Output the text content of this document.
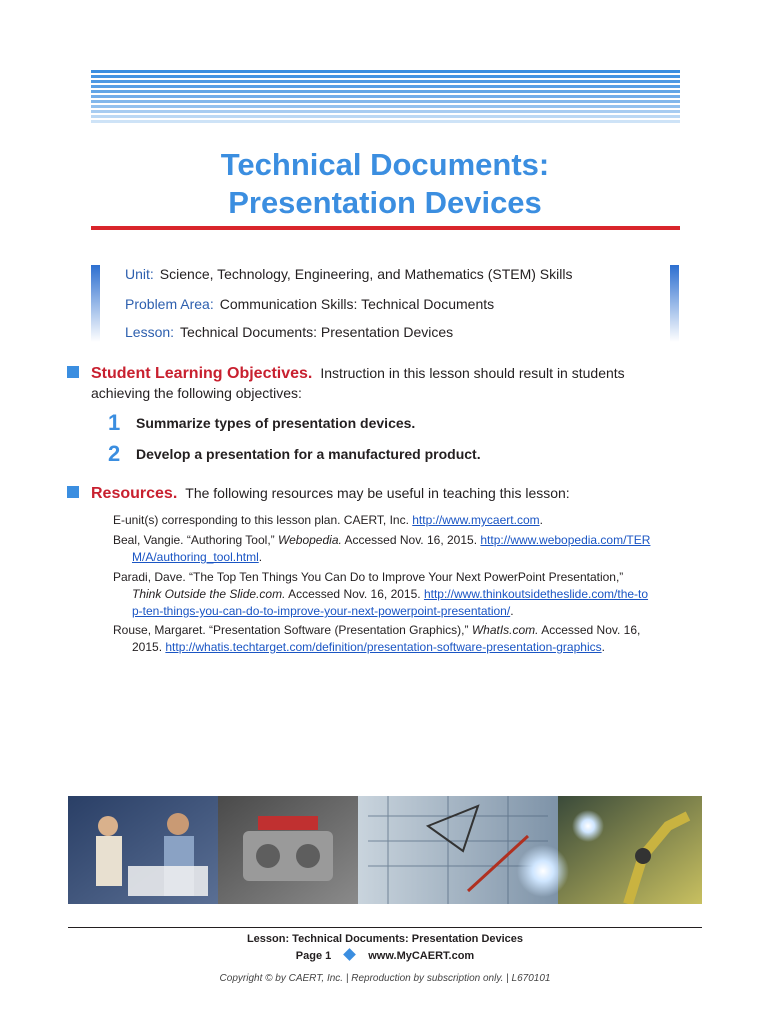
Technical Documents:
Presentation Devices
Unit: Science, Technology, Engineering, and Mathematics (STEM) Skills
Problem Area: Communication Skills: Technical Documents
Lesson: Technical Documents: Presentation Devices
Student Learning Objectives. Instruction in this lesson should result in students
achieving the following objectives:
1 Summarize types of presentation devices.
2 Develop a presentation for a manufactured product.
Resources. The following resources may be useful in teaching this lesson:
E-unit(s) corresponding to this lesson plan. CAERT, Inc. http://www.mycaert.com.
Beal, Vangie. “Authoring Tool,” Webopedia. Accessed Nov. 16, 2015. http://www.webopedia.com/TERM/A/authoring_tool.html.
Paradi, Dave. “The Top Ten Things You Can Do to Improve Your Next PowerPoint Presentation,” Think Outside the Slide.com. Accessed Nov. 16, 2015. http://www.thinkoutsidetheslide.com/the-top-ten-things-you-can-do-to-improve-your-next-powerpoint-presentation/.
Rouse, Margaret. “Presentation Software (Presentation Graphics),” WhatIs.com. Accessed Nov. 16, 2015. http://whatis.techtarget.com/definition/presentation-software-presentation-graphics.
Lesson: Technical Documents: Presentation Devices
Page 1	www.MyCAERT.com
Copyright © by CAERT, Inc. | Reproduction by subscription only. | L670101
